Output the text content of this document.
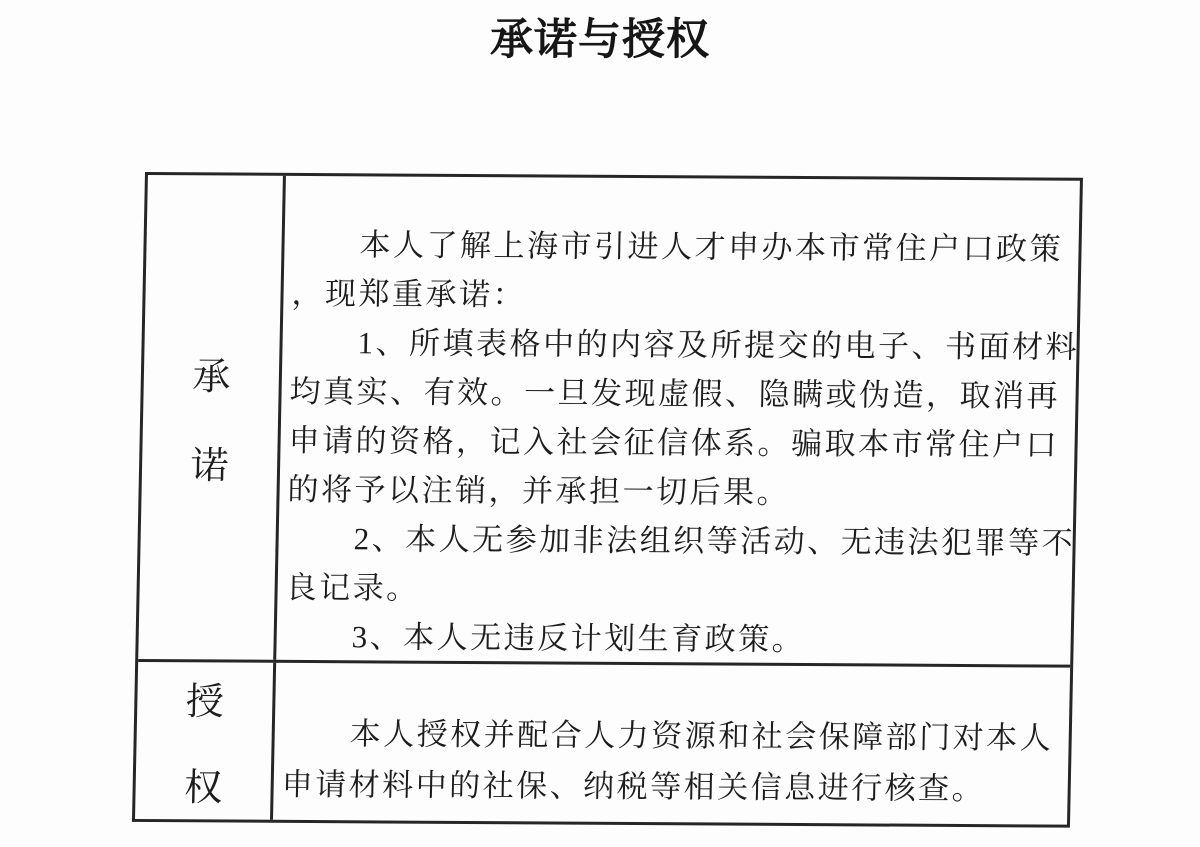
承诺与授权
承
诺
本人了解上海市引进人才申办本市常住户口政策
，现郑重承诺：
1、所填表格中的内容及所提交的电子、书面材料
均真实、有效。一旦发现虚假、隐瞒或伪造，取消再
申请的资格，记入社会征信体系。骗取本市常住户口
的将予以注销，并承担一切后果。
2、本人无参加非法组织等活动、无违法犯罪等不
良记录。
3、本人无违反计划生育政策。
授
权
本人授权并配合人力资源和社会保障部门对本人
申请材料中的社保、纳税等相关信息进行核查。
